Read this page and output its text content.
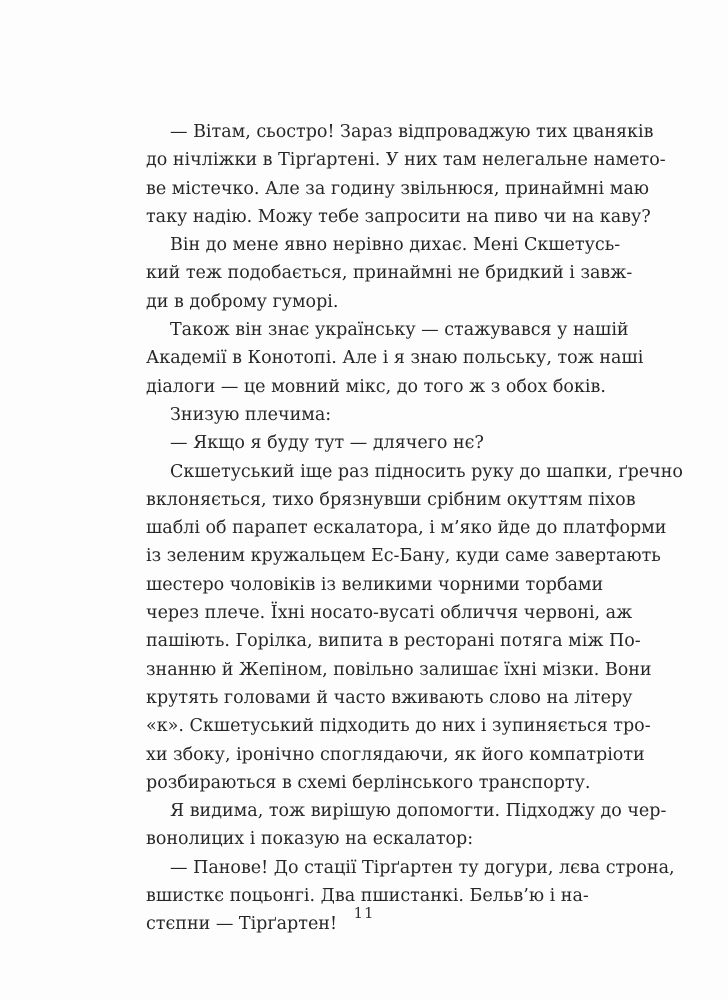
— Вітам, сьостро! Зараз відпроваджую тих цваняків
до нічліжки в Тірґартені. У них там нелегальне намето-
ве містечко. Але за годину звільнюся, принаймні маю
таку надію. Можу тебе запросити на пиво чи на каву?
Він до мене явно нерівно дихає. Мені Скшетусь-
кий теж подобається, принаймні не бридкий і завж-
ди в доброму гуморі.
Також він знає українську — стажувався у нашій
Академії в Конотопі. Але і я знаю польську, тож наші
діалоги — це мовний мікс, до того ж з обох боків.
Знизую плечима:
— Якщо я буду тут — длячего нє?
Скшетуський іще раз підносить руку до шапки, ґречно
вклоняється, тихо брязнувши срібним окуттям піхов
шаблі об парапет ескалатора, і м’яко йде до платформи
із зеленим кружальцем Ес-Бану, куди саме завертають
шестеро чоловіків із великими чорними торбами
через плече. Їхні носато-вусаті обличчя червоні, аж
пашіють. Горілка, випита в ресторані потяга між По-
знанню й Жепіном, повільно залишає їхні мізки. Вони
крутять головами й часто вживають слово на літеру
«к». Скшетуський підходить до них і зупиняється тро-
хи збоку, іронічно споглядаючи, як його компатріоти
розбираються в схемі берлінського транспорту.
Я видима, тож вирішую допомогти. Підходжу до чер-
вонолицих і показую на ескалатор:
— Панове! До стації Тірґартен ту догури, лєва строна,
вшисткє поцьонгі. Два пшистанкі. Бельв’ю і на-
стєпни — Тірґартен!
11
